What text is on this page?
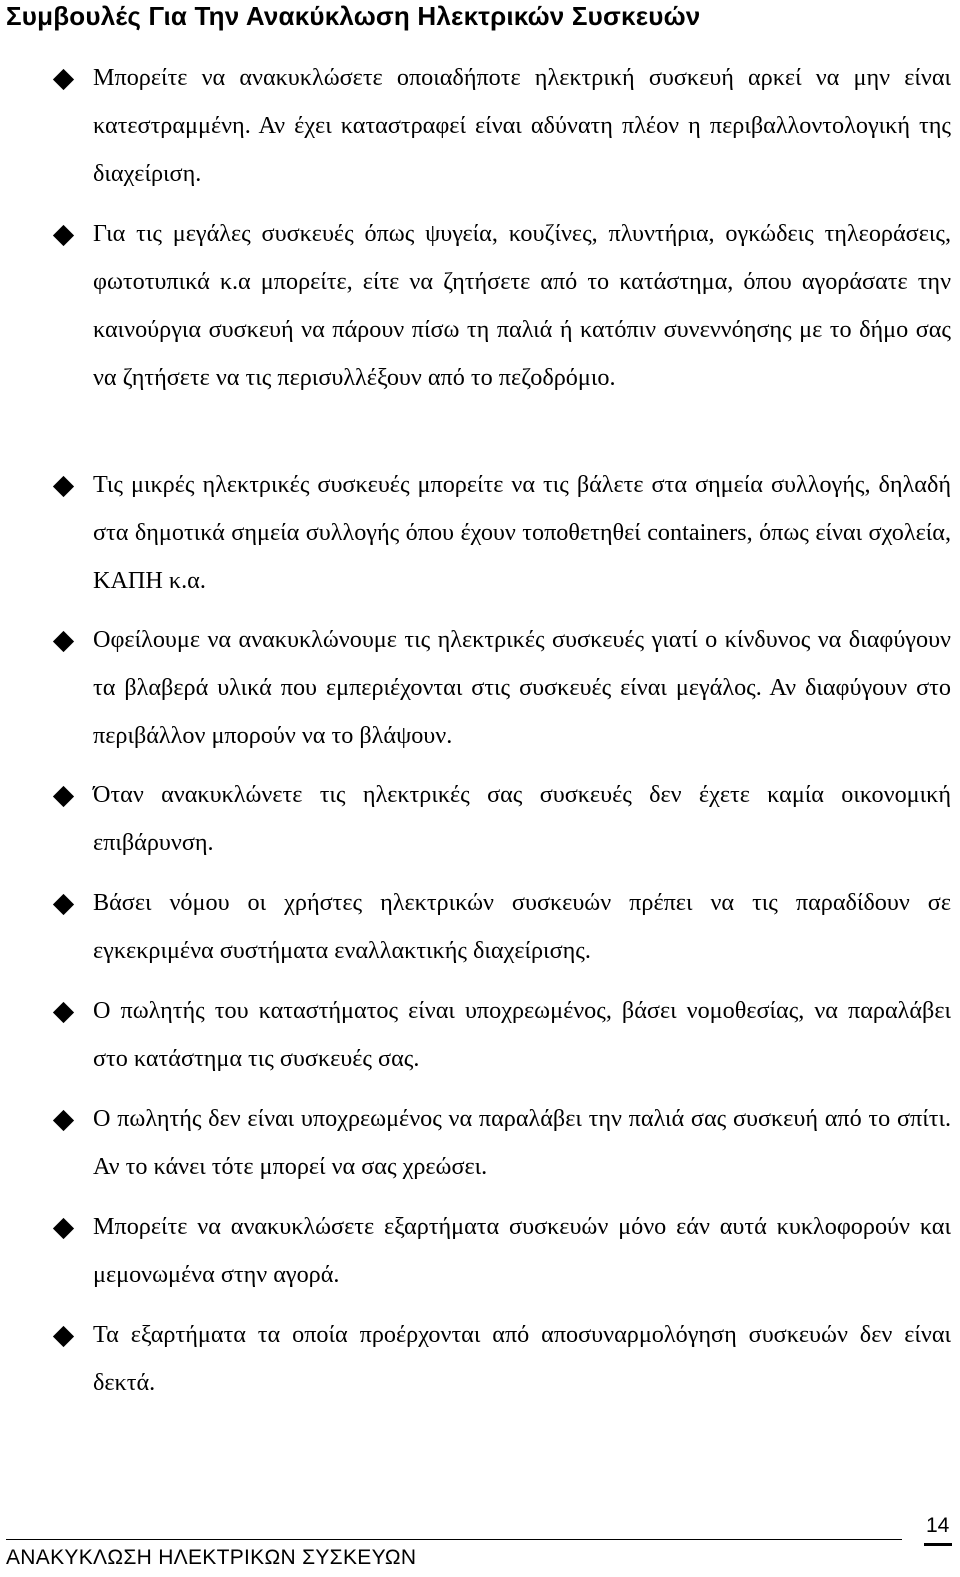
Συμβουλές Για Την Ανακύκλωση Ηλεκτρικών Συσκευών

Μπορείτε να ανακυκλώσετε οποιαδήποτε ηλεκτρική συσκευή αρκεί να μην είναι κατεστραμμένη. Αν έχει καταστραφεί είναι αδύνατη πλέον η περιβαλλοντολογική της διαχείριση.

Για τις μεγάλες συσκευές όπως ψυγεία, κουζίνες, πλυντήρια, ογκώδεις τηλεοράσεις, φωτοτυπικά κ.α μπορείτε, είτε να ζητήσετε από το κατάστημα, όπου αγοράσατε την καινούργια συσκευή να πάρουν πίσω τη παλιά ή κατόπιν συνεννόησης με το δήμο σας να ζητήσετε να τις περισυλλέξουν από το πεζοδρόμιο.

Τις μικρές ηλεκτρικές συσκευές μπορείτε να τις βάλετε στα σημεία συλλογής, δηλαδή στα δημοτικά σημεία συλλογής όπου έχουν τοποθετηθεί containers, όπως είναι σχολεία, ΚΑΠΗ κ.α.

Οφείλουμε να ανακυκλώνουμε τις ηλεκτρικές συσκευές γιατί ο κίνδυνος να διαφύγουν τα βλαβερά υλικά που εμπεριέχονται στις συσκευές είναι μεγάλος. Αν διαφύγουν στο περιβάλλον μπορούν να το βλάψουν.

Όταν ανακυκλώνετε τις ηλεκτρικές σας συσκευές δεν έχετε καμία οικονομική επιβάρυνση.

Βάσει νόμου οι χρήστες ηλεκτρικών συσκευών πρέπει να τις παραδίδουν σε εγκεκριμένα συστήματα εναλλακτικής διαχείρισης.

Ο πωλητής του καταστήματος είναι υποχρεωμένος, βάσει νομοθεσίας, να παραλάβει στο κατάστημα τις συσκευές σας.

Ο πωλητής δεν είναι υποχρεωμένος να παραλάβει την παλιά σας συσκευή από το σπίτι. Αν το κάνει τότε μπορεί να σας χρεώσει.

Μπορείτε να ανακυκλώσετε εξαρτήματα συσκευών μόνο εάν αυτά κυκλοφορούν και μεμονωμένα στην αγορά.

Τα εξαρτήματα τα οποία προέρχονται από αποσυναρμολόγηση συσκευών δεν είναι δεκτά.

14
ΑΝΑΚΥΚΛΩΣΗ ΗΛΕΚΤΡΙΚΩΝ ΣΥΣΚΕΥΩΝ
